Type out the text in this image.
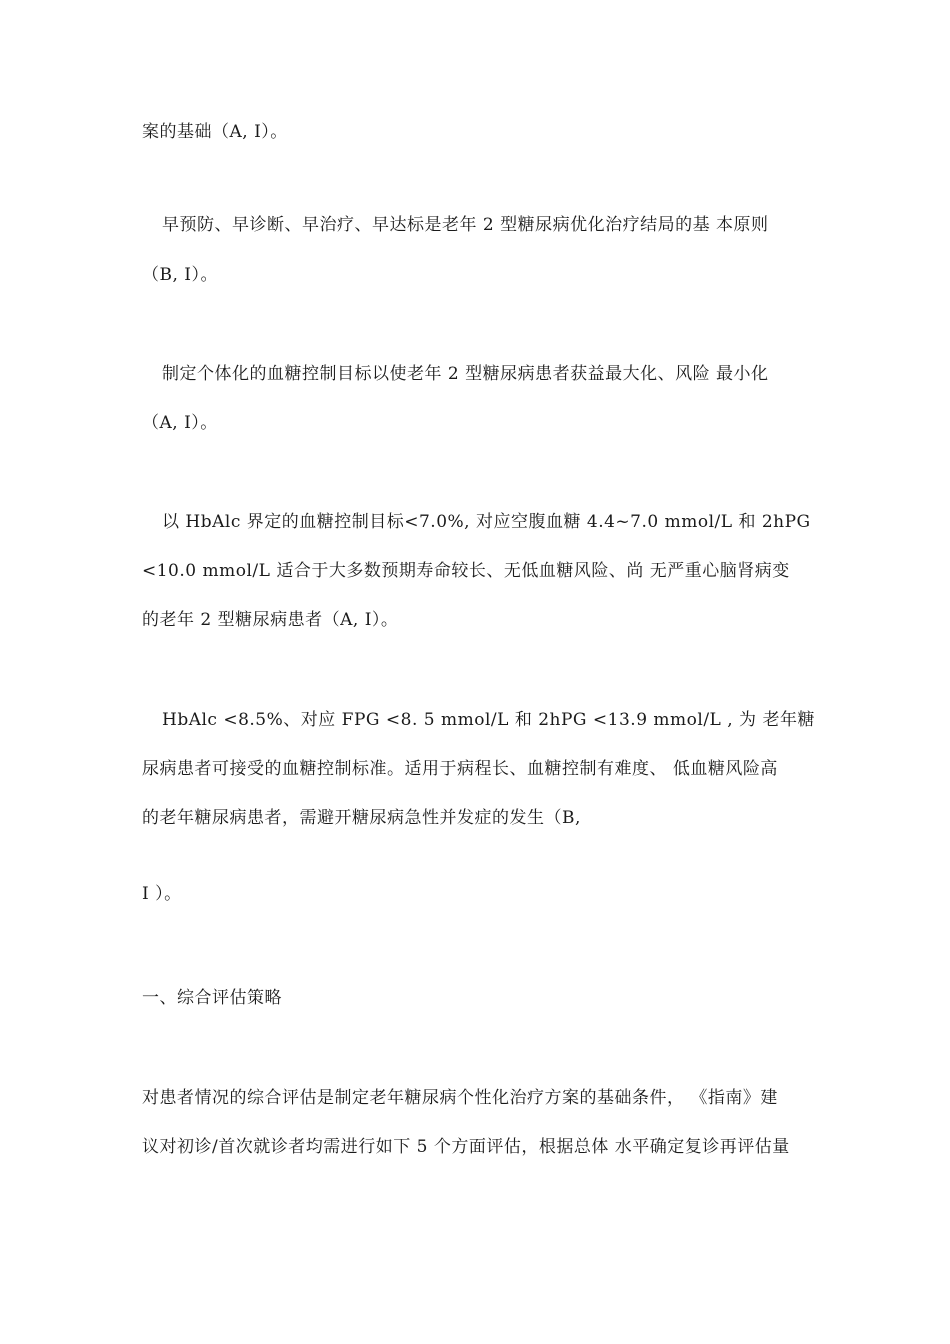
案的基础（A, I）。
早预防、早诊断、早治疗、早达标是老年 2 型糖尿病优化治疗结局的基 本原则
（B, I）。
制定个体化的血糖控制目标以使老年 2 型糖尿病患者获益最大化、风险 最小化
（A, I）。
以 HbAlc 界定的血糖控制目标<7.0%, 对应空腹血糖 4.4~7.0 mmol/L 和 2hPG
<10.0 mmol/L 适合于大多数预期寿命较长、无低血糖风险、尚 无严重心脑肾病变
的老年 2 型糖尿病患者（A, I）。
HbAlc <8.5%、对应 FPG <8. 5 mmol/L 和 2hPG <13.9 mmol/L , 为 老年糖
尿病患者可接受的血糖控制标准。适用于病程长、血糖控制有难度、 低血糖风险高
的老年糖尿病患者，需避开糖尿病急性并发症的发生（B,
I ）。
一、综合评估策略
对患者情况的综合评估是制定老年糖尿病个性化治疗方案的基础条件， 《指南》建
议对初诊/首次就诊者均需进行如下 5 个方面评估，根据总体 水平确定复诊再评估量
